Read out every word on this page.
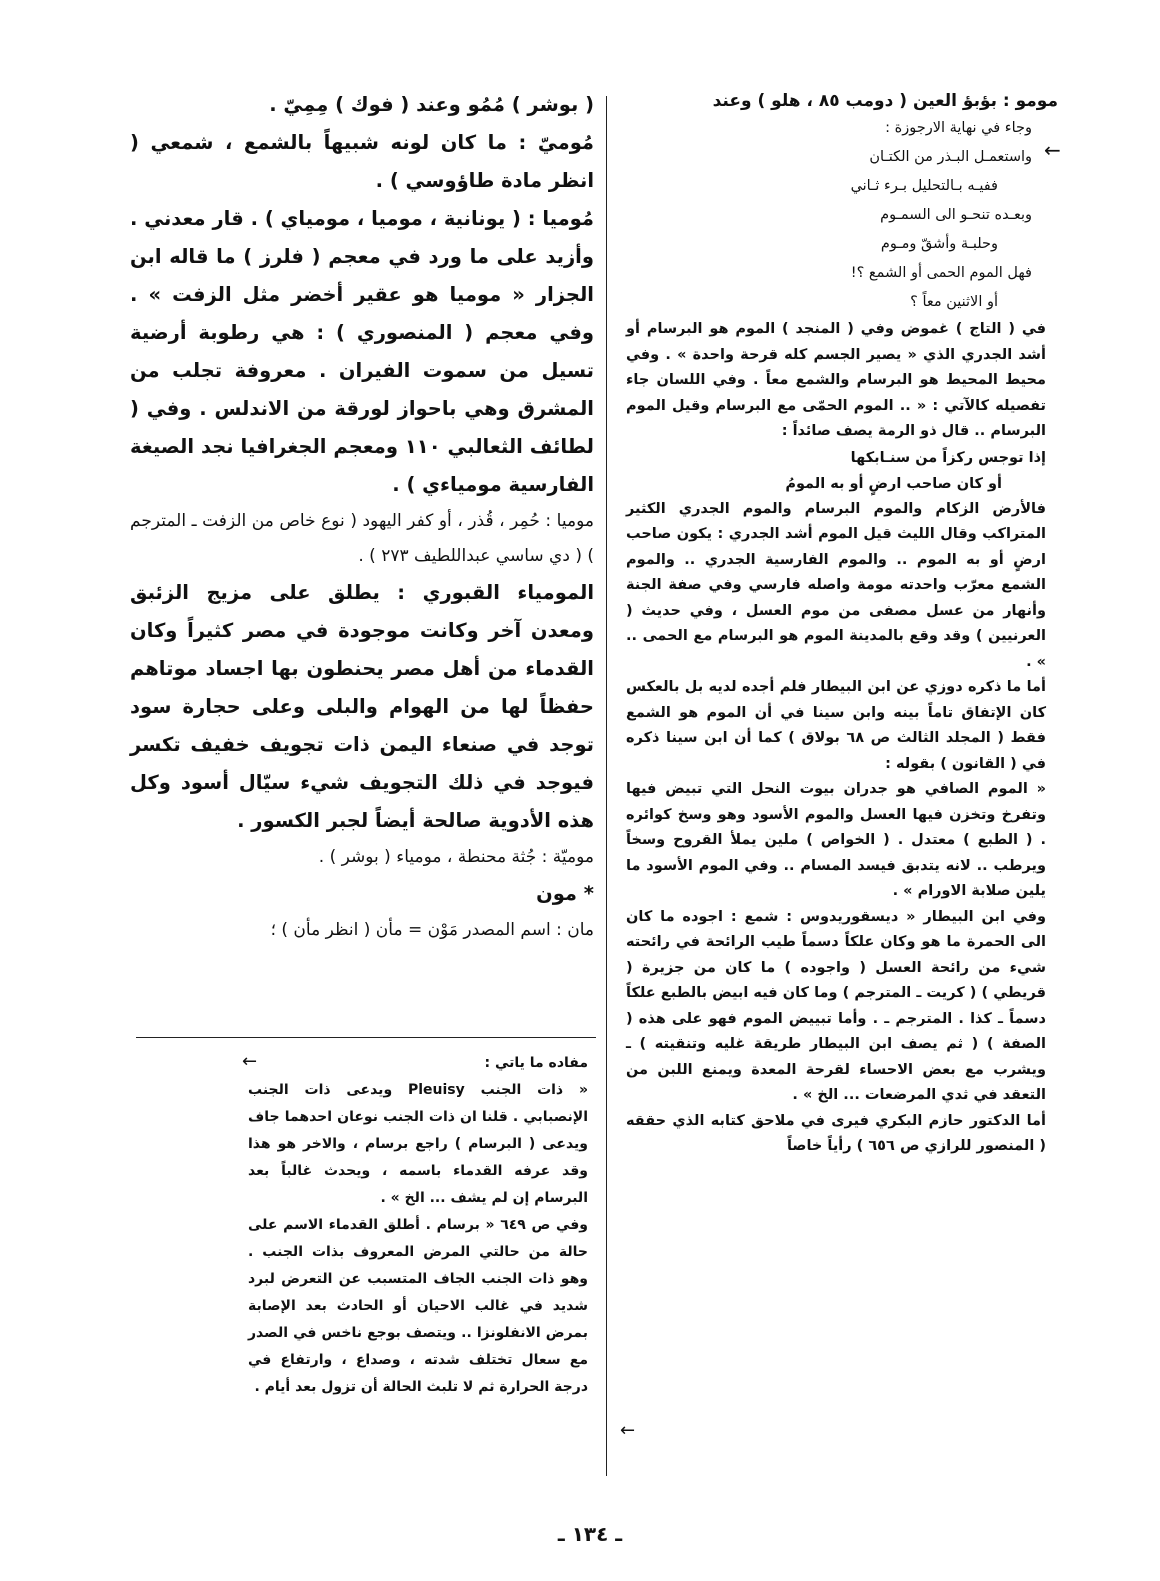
مومو : بؤبؤ العين ( دومب ٨٥ ، هلو ) وعند
←

وجاء في نهاية الارجوزة :

واستعمـل البـذر من الكتـان

ففيـه بـالتحليل بـرء ثـاني

وبعـده تنحـو الى السمـوم

وحلبـة وأشقّ ومـوم

فهل الموم الحمى أو الشمع ؟!

أو الاثنين معاً ؟

في ( التاج ) غموض وفي ( المنجد ) الموم هو البرسام أو أشد الجدري الذي « يصير الجسم كله قرحة واحدة » . وفي محيط المحيط هو البرسام والشمع معاً . وفي اللسان جاء تفصيله كالآتي : « .. الموم الحمّى مع البرسام وقيل الموم البرسام .. قال ذو الرمة يصف صائداً :

إذا توجس ركزاً من سنـابكها

أو كان صاحب ارضٍ أو به المومُ

فالأرض الزكام والموم البرسام والموم الجدري الكثير المتراكب وقال الليث قيل الموم أشد الجدري : يكون صاحب ارضٍ أو به الموم .. والموم الفارسية الجدري .. والموم الشمع معرّب واحدته مومة واصله فارسي وفي صفة الجنة وأنهار من عسل مصفى من موم العسل ، وفي حديث ( العرنيين ) وقد وقع بالمدينة الموم هو البرسام مع الحمى .. » .

أما ما ذكره دوزي عن ابن البيطار فلم أجده لديه بل بالعكس كان الإتفاق تاماً بينه وابن سينا في أن الموم هو الشمع فقط ( المجلد الثالث ص ٦٨ بولاق ) كما أن ابن سينا ذكره في ( القانون ) بقوله :

« الموم الصافي هو جدران بيوت النحل التي تبيض فيها وتفرخ وتخزن فيها العسل والموم الأسود وهو وسخ كوائره . ( الطبع ) معتدل . ( الخواص ) ملين يملأ القروح وسخاً ويرطب .. لانه يتدبق فيسد المسام .. وفي الموم الأسود ما يلين صلابة الاورام » .

وفي ابن البيطار « ديسقوريدوس : شمع : اجوده ما كان الى الحمرة ما هو وكان علكاً دسماً طيب الرائحة في رائحته شيء من رائحة العسل ( واجوده ) ما كان من جزيرة ( قريطي ) ( كريت ـ المترجم ) وما كان فيه ابيض بالطبع علكاً دسماً ـ كذا . المترجم ـ . وأما تبييض الموم فهو على هذه ( الصفة ) ( ثم يصف ابن البيطار طريقة غليه وتنقيته ) ـ ويشرب مع بعض الاحساء لقرحة المعدة ويمنع اللبن من التعقد في ثدي المرضعات ... الخ » .

أما الدكتور حازم البكري فيرى في ملاحق كتابه الذي حققه ( المنصور للرازي ص ٦٥٦ ) رأياً خاصاً

( بوشر ) مُمُو وعند ( فوك ) مِمِيّ .

مُوميّ : ما كان لونه شبيهاً بالشمع ، شمعي ( انظر مادة طاؤوسي ) .

مُوميا : ( يونانية ، موميا ، مومياي ) . قار معدني . وأزيد على ما ورد في معجم ( فلرز ) ما قاله ابن الجزار « موميا هو عقير أخضر مثل الزفت » . وفي معجم ( المنصوري ) : هي رطوبة أرضية تسيل من سموت الفيران . معروفة تجلب من المشرق وهي باحواز لورقة من الاندلس . وفي ( لطائف الثعالبي ١١٠ ومعجم الجغرافيا نجد الصيغة الفارسية مومياءي ) .

موميا : حُمِر ، قُذر ، أو كفر اليهود ( نوع خاص من الزفت ـ المترجم ) ( دي ساسي عبداللطيف ٢٧٣ ) .

المومياء القبوري : يطلق على مزيج الزئبق ومعدن آخر وكانت موجودة في مصر كثيراً وكان القدماء من أهل مصر يحنطون بها اجساد موتاهم حفظاً لها من الهوام والبلى وعلى حجارة سود توجد في صنعاء اليمن ذات تجويف خفيف تكسر فيوجد في ذلك التجويف شيء سيّال أسود وكل هذه الأدوية صالحة أيضاً لجبر الكسور .

موميّة : جُثة محنطة ، مومياء ( بوشر ) .

* مون

مان : اسم المصدر مَوْن = مأن ( انظر مأن ) ؛

←	مفاده ما ياتي :

« ذات الجنب Pleuisy ويدعى ذات الجنب الإنصبابي . قلنا ان ذات الجنب نوعان احدهما جاف ويدعى ( البرسام ) راجع برسام ، والاخر هو هذا وقد عرفه القدماء باسمه ، ويحدث غالباً بعد البرسام إن لم يشف ... الخ » .

وفي ص ٦٤٩ « برسام . أطلق القدماء الاسم على حالة من حالتي المرض المعروف بذات الجنب . وهو ذات الجنب الجاف المتسبب عن التعرض لبرد شديد في غالب الاحيان أو الحادث بعد الإصابة بمرض الانفلونزا .. ويتصف بوجع ناخس في الصدر مع سعال تختلف شدته ، وصداع ، وارتفاع في درجة الحرارة ثم لا تلبث الحالة أن تزول بعد أيام .

←
ـ ١٣٤ ـ
